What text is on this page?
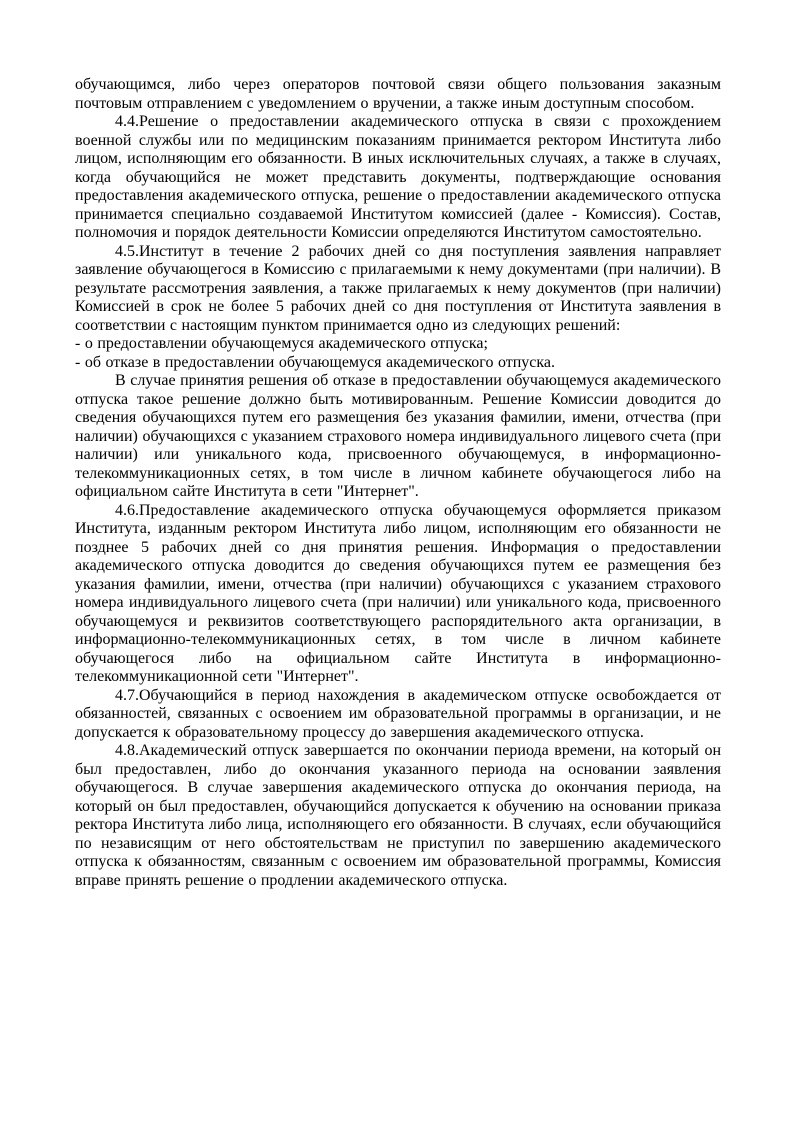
обучающимся, либо через операторов почтовой связи общего пользования заказным почтовым отправлением с уведомлением о вручении, а также иным доступным способом.

4.4.Решение о предоставлении академического отпуска в связи с прохождением военной службы или по медицинским показаниям принимается ректором Института либо лицом, исполняющим его обязанности. В иных исключительных случаях, а также в случаях, когда обучающийся не может представить документы, подтверждающие основания предоставления академического отпуска, решение о предоставлении академического отпуска принимается специально создаваемой Институтом комиссией (далее - Комиссия). Состав, полномочия и порядок деятельности Комиссии определяются Институтом самостоятельно.

4.5.Институт в течение 2 рабочих дней со дня поступления заявления направляет заявление обучающегося в Комиссию с прилагаемыми к нему документами (при наличии). В результате рассмотрения заявления, а также прилагаемых к нему документов (при наличии) Комиссией в срок не более 5 рабочих дней со дня поступления от Института заявления в соответствии с настоящим пунктом принимается одно из следующих решений:

- о предоставлении обучающемуся академического отпуска;

- об отказе в предоставлении обучающемуся академического отпуска.

В случае принятия решения об отказе в предоставлении обучающемуся академического отпуска такое решение должно быть мотивированным. Решение Комиссии доводится до сведения обучающихся путем его размещения без указания фамилии, имени, отчества (при наличии) обучающихся с указанием страхового номера индивидуального лицевого счета (при наличии) или уникального кода, присвоенного обучающемуся, в информационно-телекоммуникационных сетях, в том числе в личном кабинете обучающегося либо на официальном сайте Института в сети "Интернет".

4.6.Предоставление академического отпуска обучающемуся оформляется приказом Института, изданным ректором Института либо лицом, исполняющим его обязанности не позднее 5 рабочих дней со дня принятия решения. Информация о предоставлении академического отпуска доводится до сведения обучающихся путем ее размещения без указания фамилии, имени, отчества (при наличии) обучающихся с указанием страхового номера индивидуального лицевого счета (при наличии) или уникального кода, присвоенного обучающемуся и реквизитов соответствующего распорядительного акта организации, в информационно-телекоммуникационных сетях, в том числе в личном кабинете обучающегося либо на официальном сайте Института в информационно-телекоммуникационной сети "Интернет".

4.7.Обучающийся в период нахождения в академическом отпуске освобождается от обязанностей, связанных с освоением им образовательной программы в организации, и не допускается к образовательному процессу до завершения академического отпуска.

4.8.Академический отпуск завершается по окончании периода времени, на который он был предоставлен, либо до окончания указанного периода на основании заявления обучающегося. В случае завершения академического отпуска до окончания периода, на который он был предоставлен, обучающийся допускается к обучению на основании приказа ректора Института либо лица, исполняющего его обязанности. В случаях, если обучающийся по независящим от него обстоятельствам не приступил по завершению академического отпуска к обязанностям, связанным с освоением им образовательной программы, Комиссия вправе принять решение о продлении академического отпуска.
